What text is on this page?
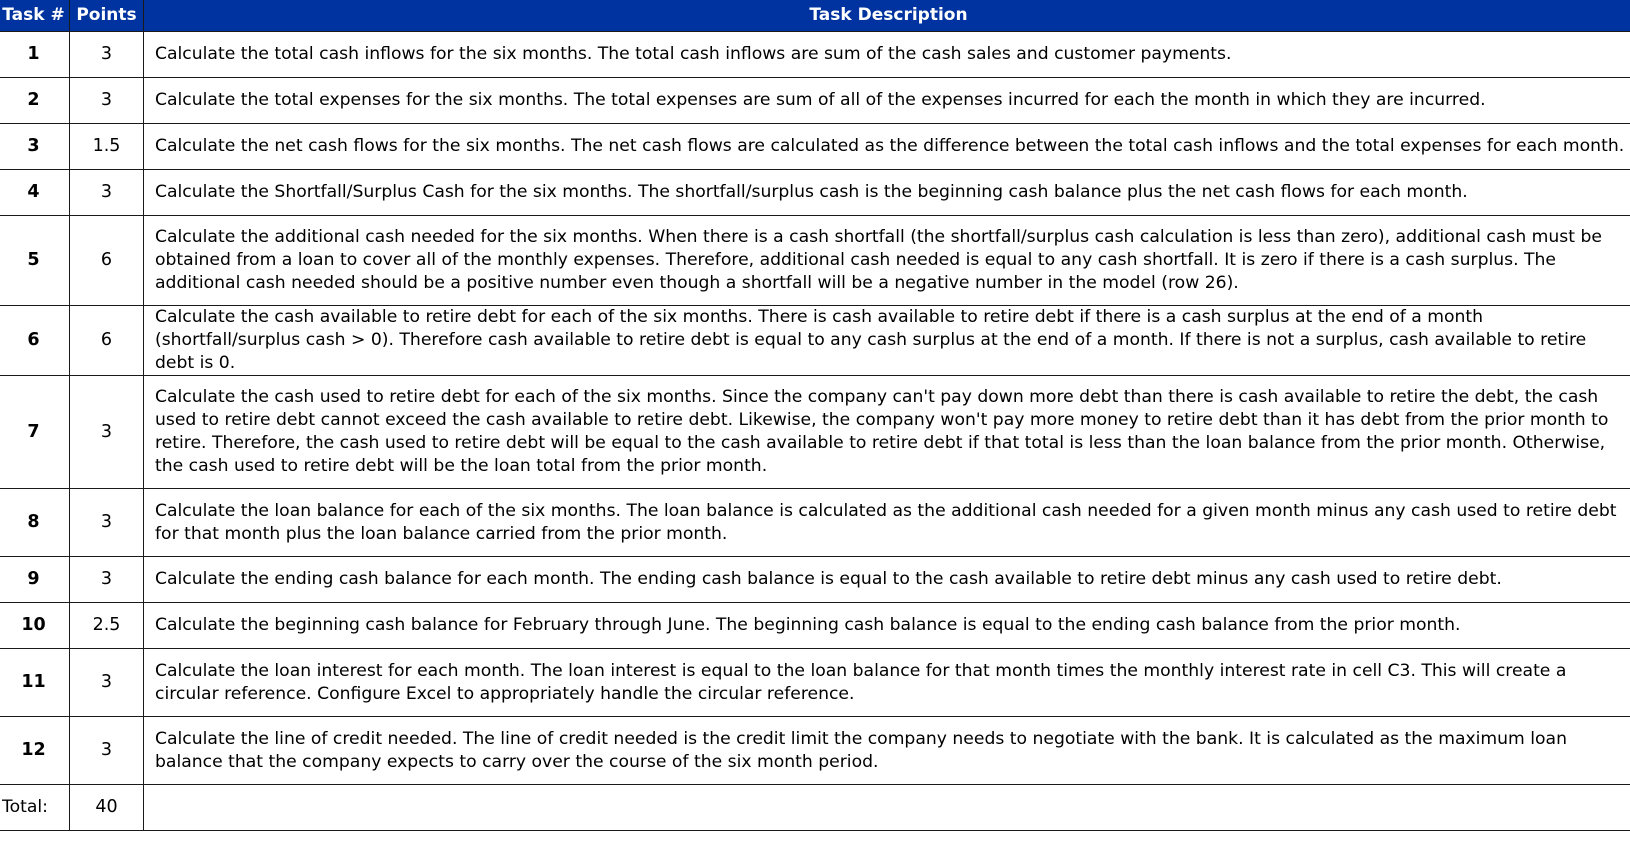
Task #	Points	Task Description
1	3	Calculate the total cash inflows for the six months. The total cash inflows are sum of the cash sales and customer payments.
2	3	Calculate the total expenses for the six months. The total expenses are sum of all of the expenses incurred for each the month in which they are incurred.
3	1.5	Calculate the net cash flows for the six months. The net cash flows are calculated as the difference between the total cash inflows and the total expenses for each month.
4	3	Calculate the Shortfall/Surplus Cash for the six months. The shortfall/surplus cash is the beginning cash balance plus the net cash flows for each month.
5	6	Calculate the additional cash needed for the six months. When there is a cash shortfall (the shortfall/surplus cash calculation is less than zero), additional cash must be obtained from a loan to cover all of the monthly expenses. Therefore, additional cash needed is equal to any cash shortfall. It is zero if there is a cash surplus. The additional cash needed should be a positive number even though a shortfall will be a negative number in the model (row 26).
6	6	Calculate the cash available to retire debt for each of the six months. There is cash available to retire debt if there is a cash surplus at the end of a month (shortfall/surplus cash > 0). Therefore cash available to retire debt is equal to any cash surplus at the end of a month. If there is not a surplus, cash available to retire debt is 0.
7	3	Calculate the cash used to retire debt for each of the six months. Since the company can't pay down more debt than there is cash available to retire the debt, the cash used to retire debt cannot exceed the cash available to retire debt. Likewise, the company won't pay more money to retire debt than it has debt from the prior month to retire. Therefore, the cash used to retire debt will be equal to the cash available to retire debt if that total is less than the loan balance from the prior month. Otherwise, the cash used to retire debt will be the loan total from the prior month.
8	3	Calculate the loan balance for each of the six months. The loan balance is calculated as the additional cash needed for a given month minus any cash used to retire debt for that month plus the loan balance carried from the prior month.
9	3	Calculate the ending cash balance for each month. The ending cash balance is equal to the cash available to retire debt minus any cash used to retire debt.
10	2.5	Calculate the beginning cash balance for February through June. The beginning cash balance is equal to the ending cash balance from the prior month.
11	3	Calculate the loan interest for each month. The loan interest is equal to the loan balance for that month times the monthly interest rate in cell C3. This will create a circular reference. Configure Excel to appropriately handle the circular reference.
12	3	Calculate the line of credit needed. The line of credit needed is the credit limit the company needs to negotiate with the bank. It is calculated as the maximum loan balance that the company expects to carry over the course of the six month period.
Total:	40	
